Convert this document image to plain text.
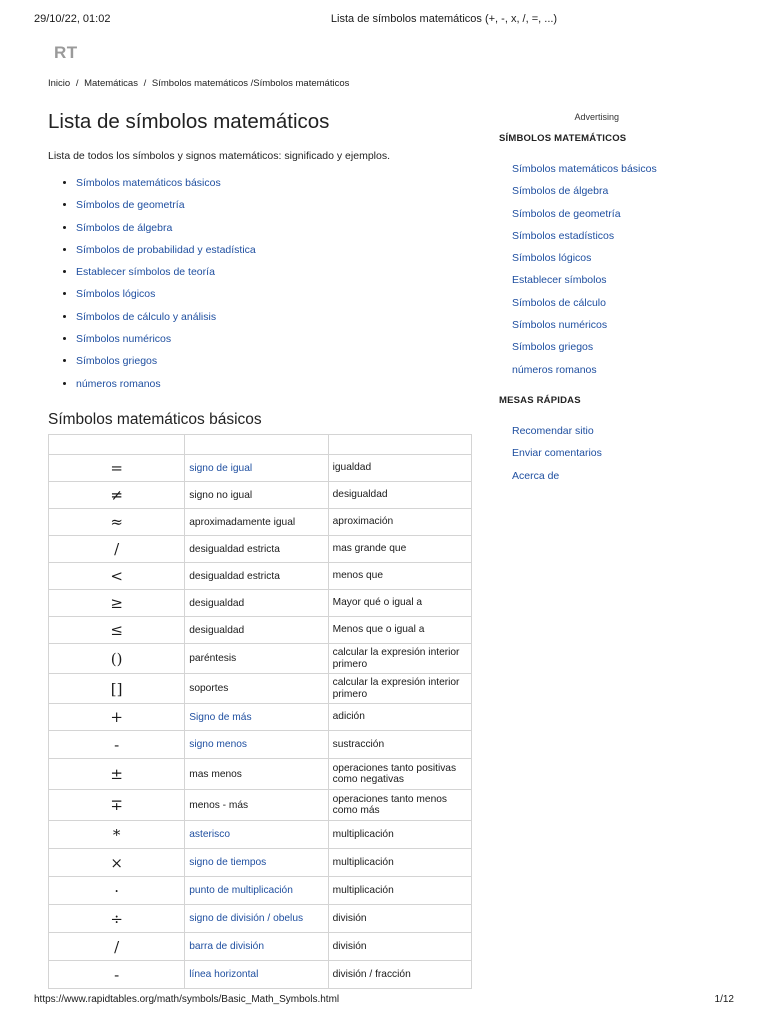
29/10/22, 01:02	Lista de símbolos matemáticos (+, -, x, /, =, ...)
RT
Inicio / Matemáticas / Símbolos matemáticos /Símbolos matemáticos
Lista de símbolos matemáticos

Lista de todos los símbolos y signos matemáticos: significado y ejemplos.

• Símbolos matemáticos básicos
• Símbolos de geometría
• Símbolos de álgebra
• Símbolos de probabilidad y estadística
• Establecer símbolos de teoría
• Símbolos lógicos
• Símbolos de cálculo y análisis
• Símbolos numéricos
• Símbolos griegos
• números romanos
Símbolos matemáticos básicos

=	signo de igual	igualdad
≠	signo no igual	desigualdad
≈	aproximadamente igual	aproximación
/	desigualdad estricta	mas grande que
<	desigualdad estricta	menos que
≥	desigualdad	Mayor qué o igual a
≤	desigualdad	Menos que o igual a
()	paréntesis	calcular la expresión interior primero
[]	soportes	calcular la expresión interior primero
+	Signo de más	adición
-	signo menos	sustracción
±	mas menos	operaciones tanto positivas como negativas
∓	menos - más	operaciones tanto menos como más
*	asterisco	multiplicación
×	signo de tiempos	multiplicación
·	punto de multiplicación	multiplicación
÷	signo de división / obelus	división
/	barra de división	división
-	línea horizontal	división / fracción
Advertising
SÍMBOLOS MATEMÁTICOS
Símbolos matemáticos básicos
Símbolos de álgebra
Símbolos de geometría
Símbolos estadísticos
Símbolos lógicos
Establecer símbolos
Símbolos de cálculo
Símbolos numéricos
Símbolos griegos
números romanos
MESAS RÁPIDAS
Recomendar sitio
Enviar comentarios
Acerca de
https://www.rapidtables.org/math/symbols/Basic_Math_Symbols.html	1/12
